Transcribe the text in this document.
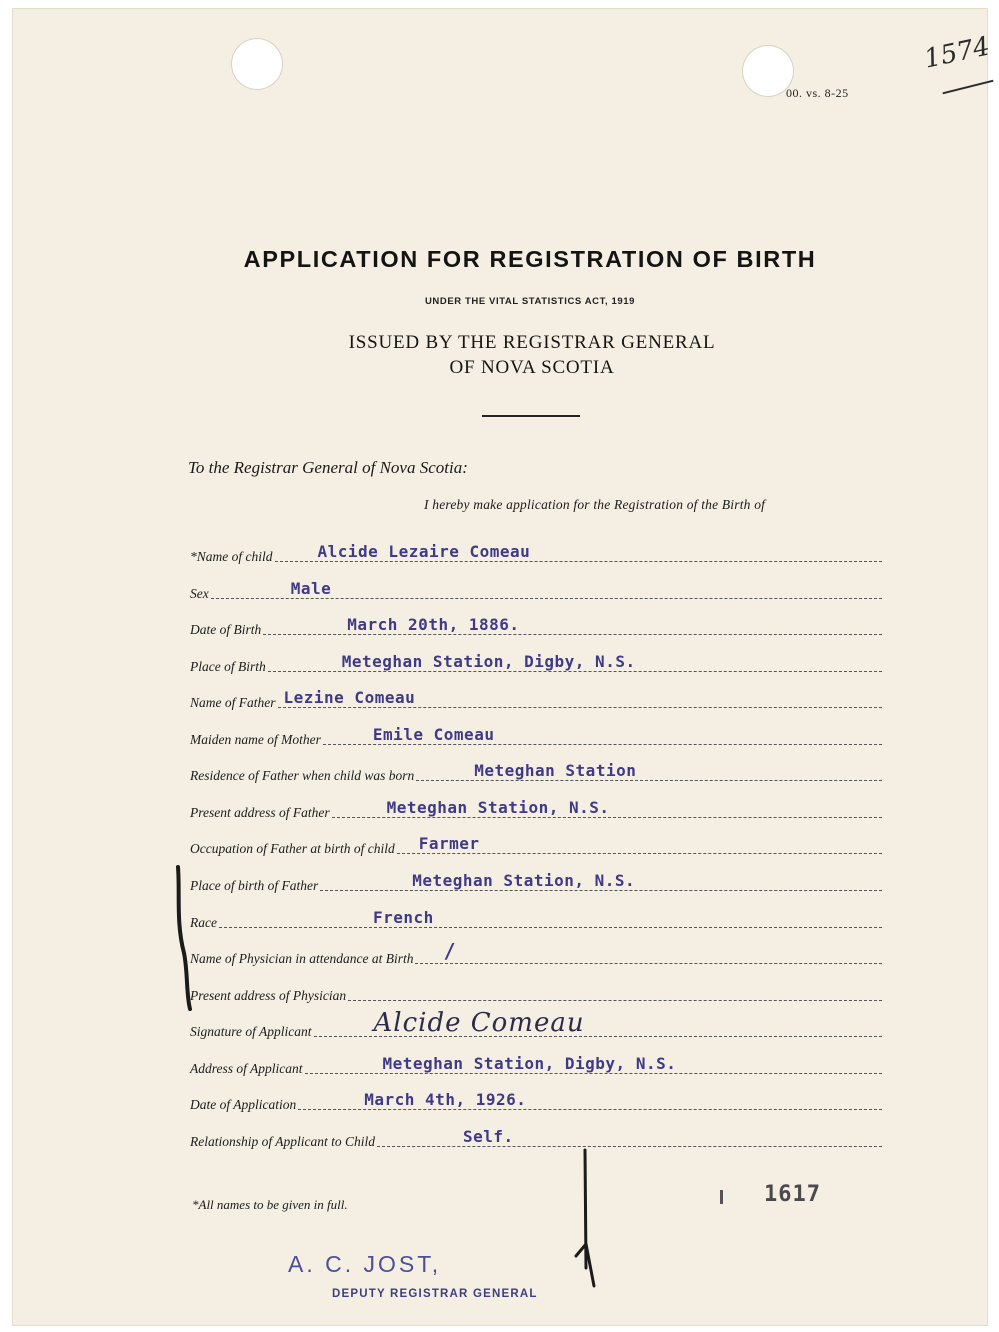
00. vs. 8-25
1574
APPLICATION FOR REGISTRATION OF BIRTH
UNDER THE VITAL STATISTICS ACT, 1919
ISSUED BY THE REGISTRAR GENERAL
OF NOVA SCOTIA
To the Registrar General of Nova Scotia:
I hereby make application for the Registration of the Birth of
*Name of child	Alcide Lezaire Comeau
Sex	Male
Date of Birth	March 20th, 1886.
Place of Birth	Meteghan Station, Digby, N.S.
Name of Father Lezine Comeau
Maiden name of Mother	Emile Comeau
Residence of Father when child was born	Meteghan Station
Present address of Father	Meteghan Station, N.S.
Occupation of Father at birth of child Farmer
Place of birth of Father	Meteghan Station, N.S.
Race	French
Name of Physician in attendance at Birth /
Present address of Physician
Signature of Applicant Alcide Comeau
Address of Applicant	Meteghan Station, Digby, N.S.
Date of Application	March 4th, 1926.
Relationship of Applicant to Child	Self.
*All names to be given in full.	1617
A. C. JOST,
DEPUTY REGISTRAR GENERAL
